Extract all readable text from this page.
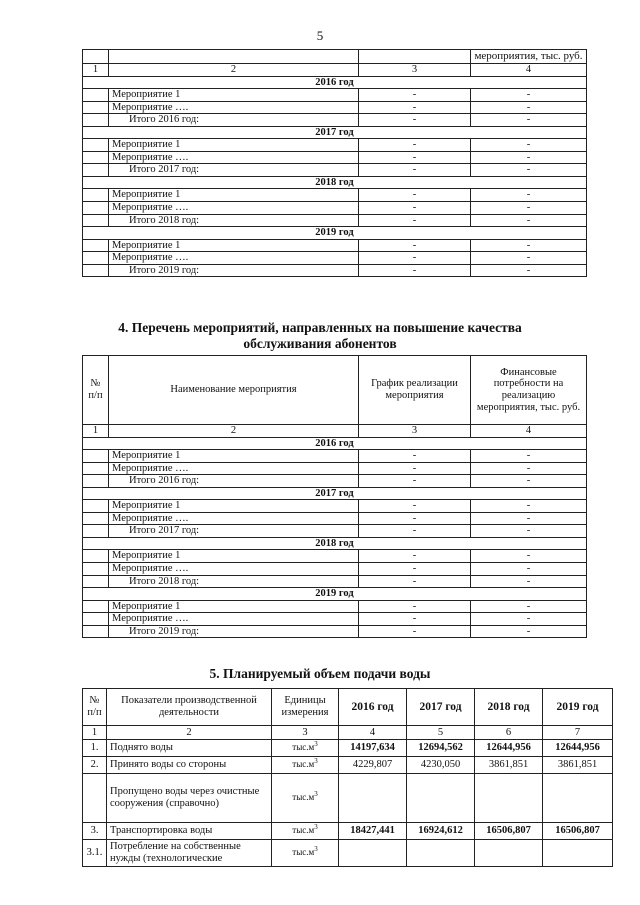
5
			мероприятия, тыс. руб.
1	2	3	4
2016 год			
	Мероприятие 1	-	-
	Мероприятие ….	-	-
	Итого 2016 год:	-	-
2017 год			
	Мероприятие 1	-	-
	Мероприятие ….	-	-
	Итого 2017 год:	-	-
2018 год			
	Мероприятие 1	-	-
	Мероприятие ….	-	-
	Итого 2018 год:	-	-
2019 год			
	Мероприятие 1	-	-
	Мероприятие ….	-	-
	Итого 2019 год:	-	-
4. Перечень мероприятий, направленных на повышение качества
обслуживания абонентов
№ п/п	Наименование мероприятия	График реализации мероприятия	Финансовые потребности на реализацию мероприятия, тыс. руб.
1	2	3	4
2016 год			
	Мероприятие 1	-	-
	Мероприятие ….	-	-
	Итого 2016 год:	-	-
2017 год			
	Мероприятие 1	-	-
	Мероприятие ….	-	-
	Итого 2017 год:	-	-
2018 год			
	Мероприятие 1	-	-
	Мероприятие ….	-	-
	Итого 2018 год:	-	-
2019 год			
	Мероприятие 1	-	-
	Мероприятие ….	-	-
	Итого 2019 год:	-	-
5. Планируемый объем подачи воды
№ п/п	Показатели производственной деятельности	Единицы измерения	2016 год	2017 год	2018 год	2019 год
1	2	3	4	5	6	7
1.	Поднято воды	$тыс.м^3$	14197,634	12694,562	12644,956	12644,956
2.	Принято воды со стороны	$тыс.м^3$	4229,807	4230,050	3861,851	3861,851
	Пропущено воды через очистные сооружения (справочно)	$тыс.м^3$				
3.	Транспортировка воды	$тыс.м^3$	18427,441	16924,612	16506,807	16506,807
3.1.	Потребление на собственные нужды (технологические	$тыс.м^3$				
